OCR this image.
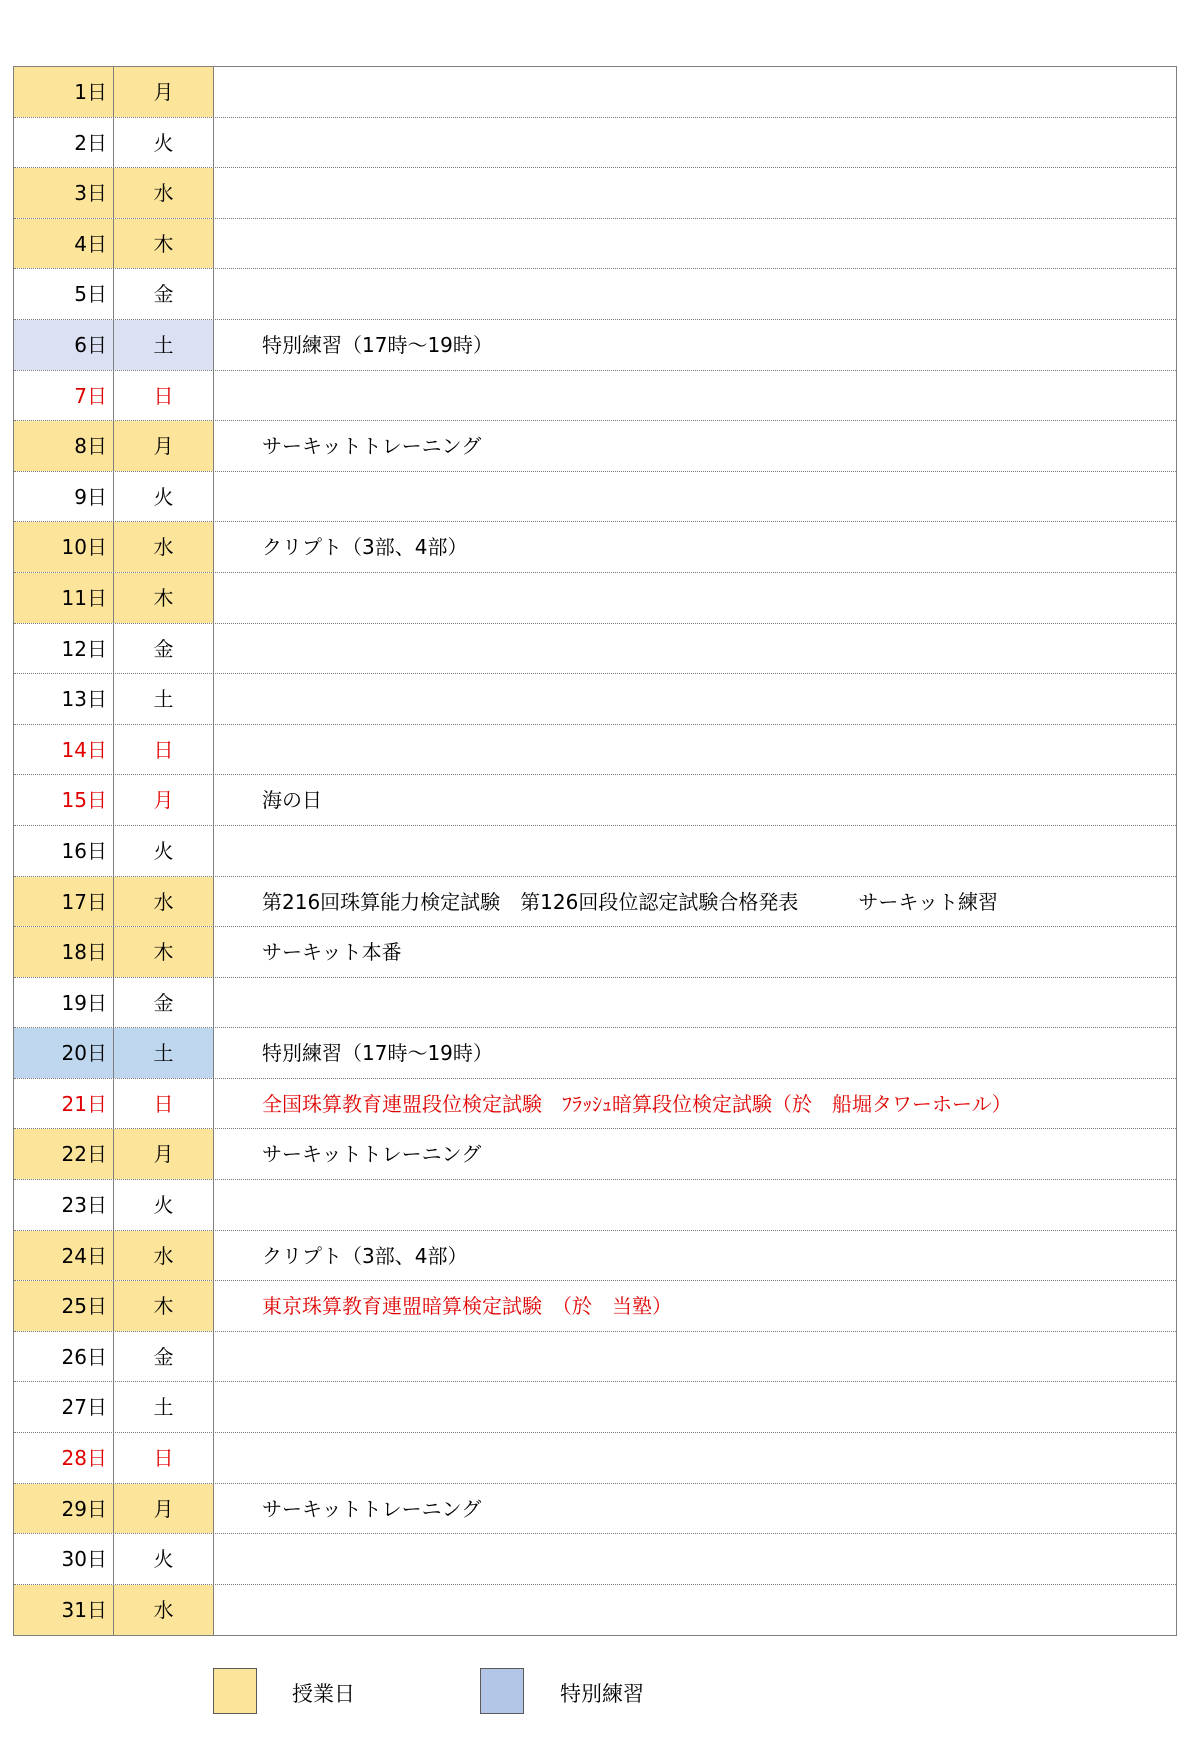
1日	月
2日	火
3日	水
4日	木
5日	金
6日	土	特別練習（17時～19時）
7日	日
8日	月	サーキットトレーニング
9日	火
10日	水	クリプト（3部、4部）
11日	木
12日	金
13日	土
14日	日
15日	月	海の日
16日	火
17日	水	第216回珠算能力検定試験　第126回段位認定試験合格発表　　　サーキット練習
18日	木	サーキット本番
19日	金
20日	土	特別練習（17時～19時）
21日	日	全国珠算教育連盟段位検定試験　ﾌﾗｯｼｭ暗算段位検定試験（於　船堀タワーホール）
22日	月	サーキットトレーニング
23日	火
24日	水	クリプト（3部、4部）
25日	木	東京珠算教育連盟暗算検定試験　（於　当塾）
26日	金
27日	土
28日	日
29日	月	サーキットトレーニング
30日	火
31日	水
授業日	特別練習
